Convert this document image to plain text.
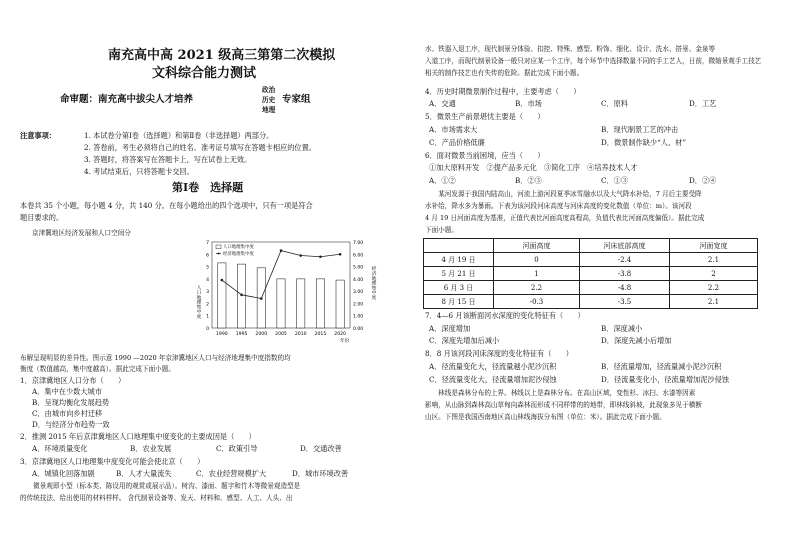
南充高中高 2021 级高三第第二次模拟
文科综合能力测试
命审题：南充高中拔尖人才培养
政治
历史
地理
专家组
注意事项：	1. 本试卷分第Ⅰ卷（选择题）和第Ⅱ卷（非选择题）两部分。
2. 答卷前，考生必须将自己的姓名、准考证号填写在答题卡相应的位置。
3. 答题时，将答案写在答题卡上，写在试卷上无效。
4. 考试结束后，只将答题卡交回。
第Ⅰ卷　选择题
本卷共 35 个小题，每小题 4 分，共 140 分。在每小题给出的四个选项中，只有一项是符合
题目要求的。
京津冀地区经济发展和人口空间分
布解呈现明显的差异性。图示意 1990 —2020 年京津冀地区人口与经济地理集中度指数的均
衡度（数值越高，集中度越高）。据此完成下面小题。
1．京津冀地区人口分布（　　）
A．集中在少数大城市
B．呈现均衡化发展趋势
C．由城市向乡村迁移
D．与经济分布趋势一致
2．推测 2015 年后京津冀地区人口地理集中度变化的主要成因是（　　）
A．环境质量变化	B．农业发展	C．政策引导	D．交通改善
3．京津冀地区人口地理集中度变化可能会使北京（　　）
A．城镇化回落加剧	B．人才大量流失	C．农业经营规模扩大	D．城市环境改善
　　微景观即小型（标本类、陈设用的观赏或展示品）。树沟、漆面、题字和竹木等微景观造型是
的传统技法，给出使用的材料样样。 含代制景设备等、发天、材料和、感型、人工、人头、出
0
1
2
3
4
5
6
7
0.00
1.00
2.00
3.00
4.00
5.00
6.00
7.00
人口地理集中度
经济地理集中度
1990 1995 2000 2005 2010 2015 2020
年份
人口地理集中度
经济地理集中度
水、铁器入退工序，现代制景分体验、扣控、特殊、感型、粉饰、细化、设计、洗水、搭景、金泉等
入道工序，而现代制景设备一般只对应某一个工序，每个环节中选择数量不同的手工艺人，日前，微缩景观手工技艺
相关的制作技艺也有失传的危险。据此完成下面小题。
4．历史时期微景制作过程中，主要考虑（　　）
A．交通	B．市场	C．原料	D．工艺
5．微景生产前景堪忧主要是（　　）
A．市场需求大	B．现代制景工艺的冲击
C．产品价格低廉	D．微景制作缺少“人、材”
6．面对微景当前困境，应当（　　）
①加大原料开发　②提产品多元化　③简化工序　④培养技术人才
A．①②	B．②③	C．①③	D．②④
　　某河发源于我国内陆高山，河流上游河段夏季冰雪融水以及大气降水补给，7 月后主要受降
水补给，降水多为暴雨。下表为该河段河床高度与河床高度的变化数值（单位：m）。该河段
4 月 19 日河面高度为基准，正值代表比河面高度高程高，负值代表比河面高度偏低）。据此完成
下面小题。
7．4—6 月该断面河水深度的变化特征有（　　）
A．深度增加	B．深度减小
C．深度先增加后减小	D．深度先减小后增加
8．8 月该河段河床深度的变化特征有（　　）
A．径流量变化大，径流量越小泥沙沉积	B．径流量增加，径流量减小泥沙沉积
C．径流量变化大，径流量增加泥沙侵蚀	D．径流量变化小，径流量增加泥沙侵蚀
　　林线是森林分布的上界。林线以上是森林分布。在高山区域，变性杉、冰扫、水漆等因素
影响，从山脉到森林高山草甸向森林而形成不同样带的的地带，即林线斜坡，此现象多见于横断
山区。下图是我国西南地区高山林线海拔分布图（单位：米）。据此完成下面小题。
	河面高度	河床底部高度	河面宽度
4 月 19 日	0	-2.4	2.1
5 月 21 日	1	-3.8	2
6 月 3 日	2.2	-4.8	2.2
8 月 15 日	-0.3	-3.5	2.1
